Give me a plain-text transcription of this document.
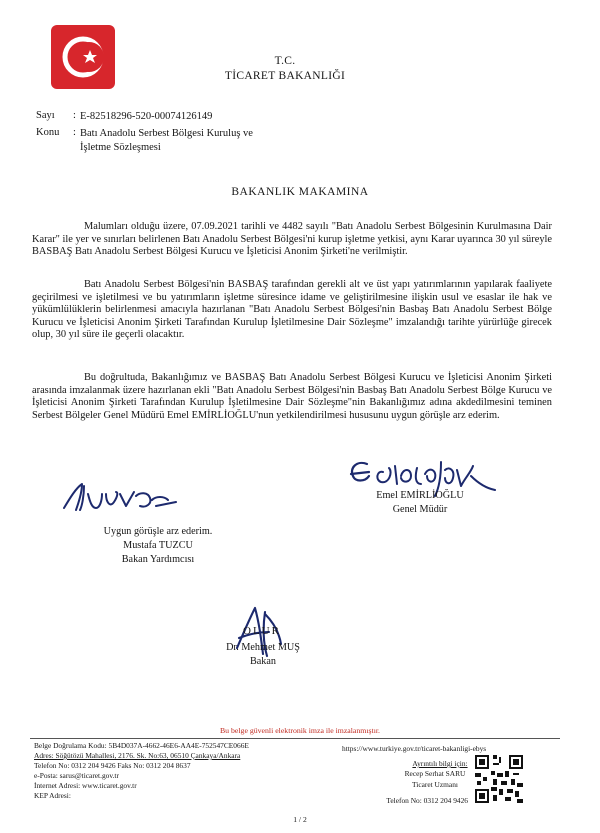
T.C.
TİCARET BAKANLIĞI
Sayı : E-82518296-520-00074126149
Konu : Batı Anadolu Serbest Bölgesi Kuruluş ve
İşletme Sözleşmesi
BAKANLIK MAKAMINA
Malumları olduğu üzere, 07.09.2021 tarihli ve 4482 sayılı "Batı Anadolu Serbest Bölgesinin Kurulmasına Dair Karar" ile yer ve sınırları belirlenen Batı Anadolu Serbest Bölgesi'ni kurup işletme yetkisi, aynı Karar uyarınca 30 yıl süreyle BASBAŞ Batı Anadolu Serbest Bölgesi Kurucu ve İşleticisi Anonim Şirketi'ne verilmiştir.
Batı Anadolu Serbest Bölgesi'nin BASBAŞ tarafından gerekli alt ve üst yapı yatırımlarının yapılarak faaliyete geçirilmesi ve işletilmesi ve bu yatırımların işletme süresince idame ve geliştirilmesine ilişkin usul ve esaslar ile hak ve yükümlülüklerin belirlenmesi amacıyla hazırlanan "Batı Anadolu Serbest Bölgesi'nin Basbaş Batı Anadolu Serbest Bölge Kurucu ve İşleticisi Anonim Şirketi Tarafından Kurulup İşletilmesine Dair Sözleşme" imzalandığı tarihte yürürlüğe girecek olup, 30 yıl süre ile geçerli olacaktır.
Bu doğrultuda, Bakanlığımız ve BASBAŞ Batı Anadolu Serbest Bölgesi Kurucu ve İşleticisi Anonim Şirketi arasında imzalanmak üzere hazırlanan ekli "Batı Anadolu Serbest Bölgesi'nin Basbaş Batı Anadolu Serbest Bölge Kurucu ve İşleticisi Anonim Şirketi Tarafından Kurulup İşletilmesine Dair Sözleşme"nin Bakanlığımız adına akdedilmesini teminen Serbest Bölgeler Genel Müdürü Emel EMİRLİOĞLU'nun yetkilendirilmesi hususunu uygun görüşle arz ederim.
Emel EMİRLİOĞLU
Genel Müdür
Uygun görüşle arz ederim.
Mustafa TUZCU
Bakan Yardımcısı
OLUR
Dr. Mehmet MUŞ
Bakan
Bu belge güvenli elektronik imza ile imzalanmıştır.
Belge Doğrulama Kodu: 5B4D037A-4662-46E6-AA4E-752547CE066E	https://www.turkiye.gov.tr/ticaret-bakanligi-ebys
Adres: Söğütözü Mahallesi, 2176. Sk. No:63, 06510 Çankaya/Ankara
Telefon No: 0312 204 9426 Faks No: 0312 204 8637
e-Posta: sarus@ticaret.gov.tr
İnternet Adresi: www.ticaret.gov.tr
KEP Adresi:
Ayrıntılı bilgi için:
Recep Serhat SARU
Ticaret Uzmanı
Telefon No: 0312 204 9426
1 / 2
